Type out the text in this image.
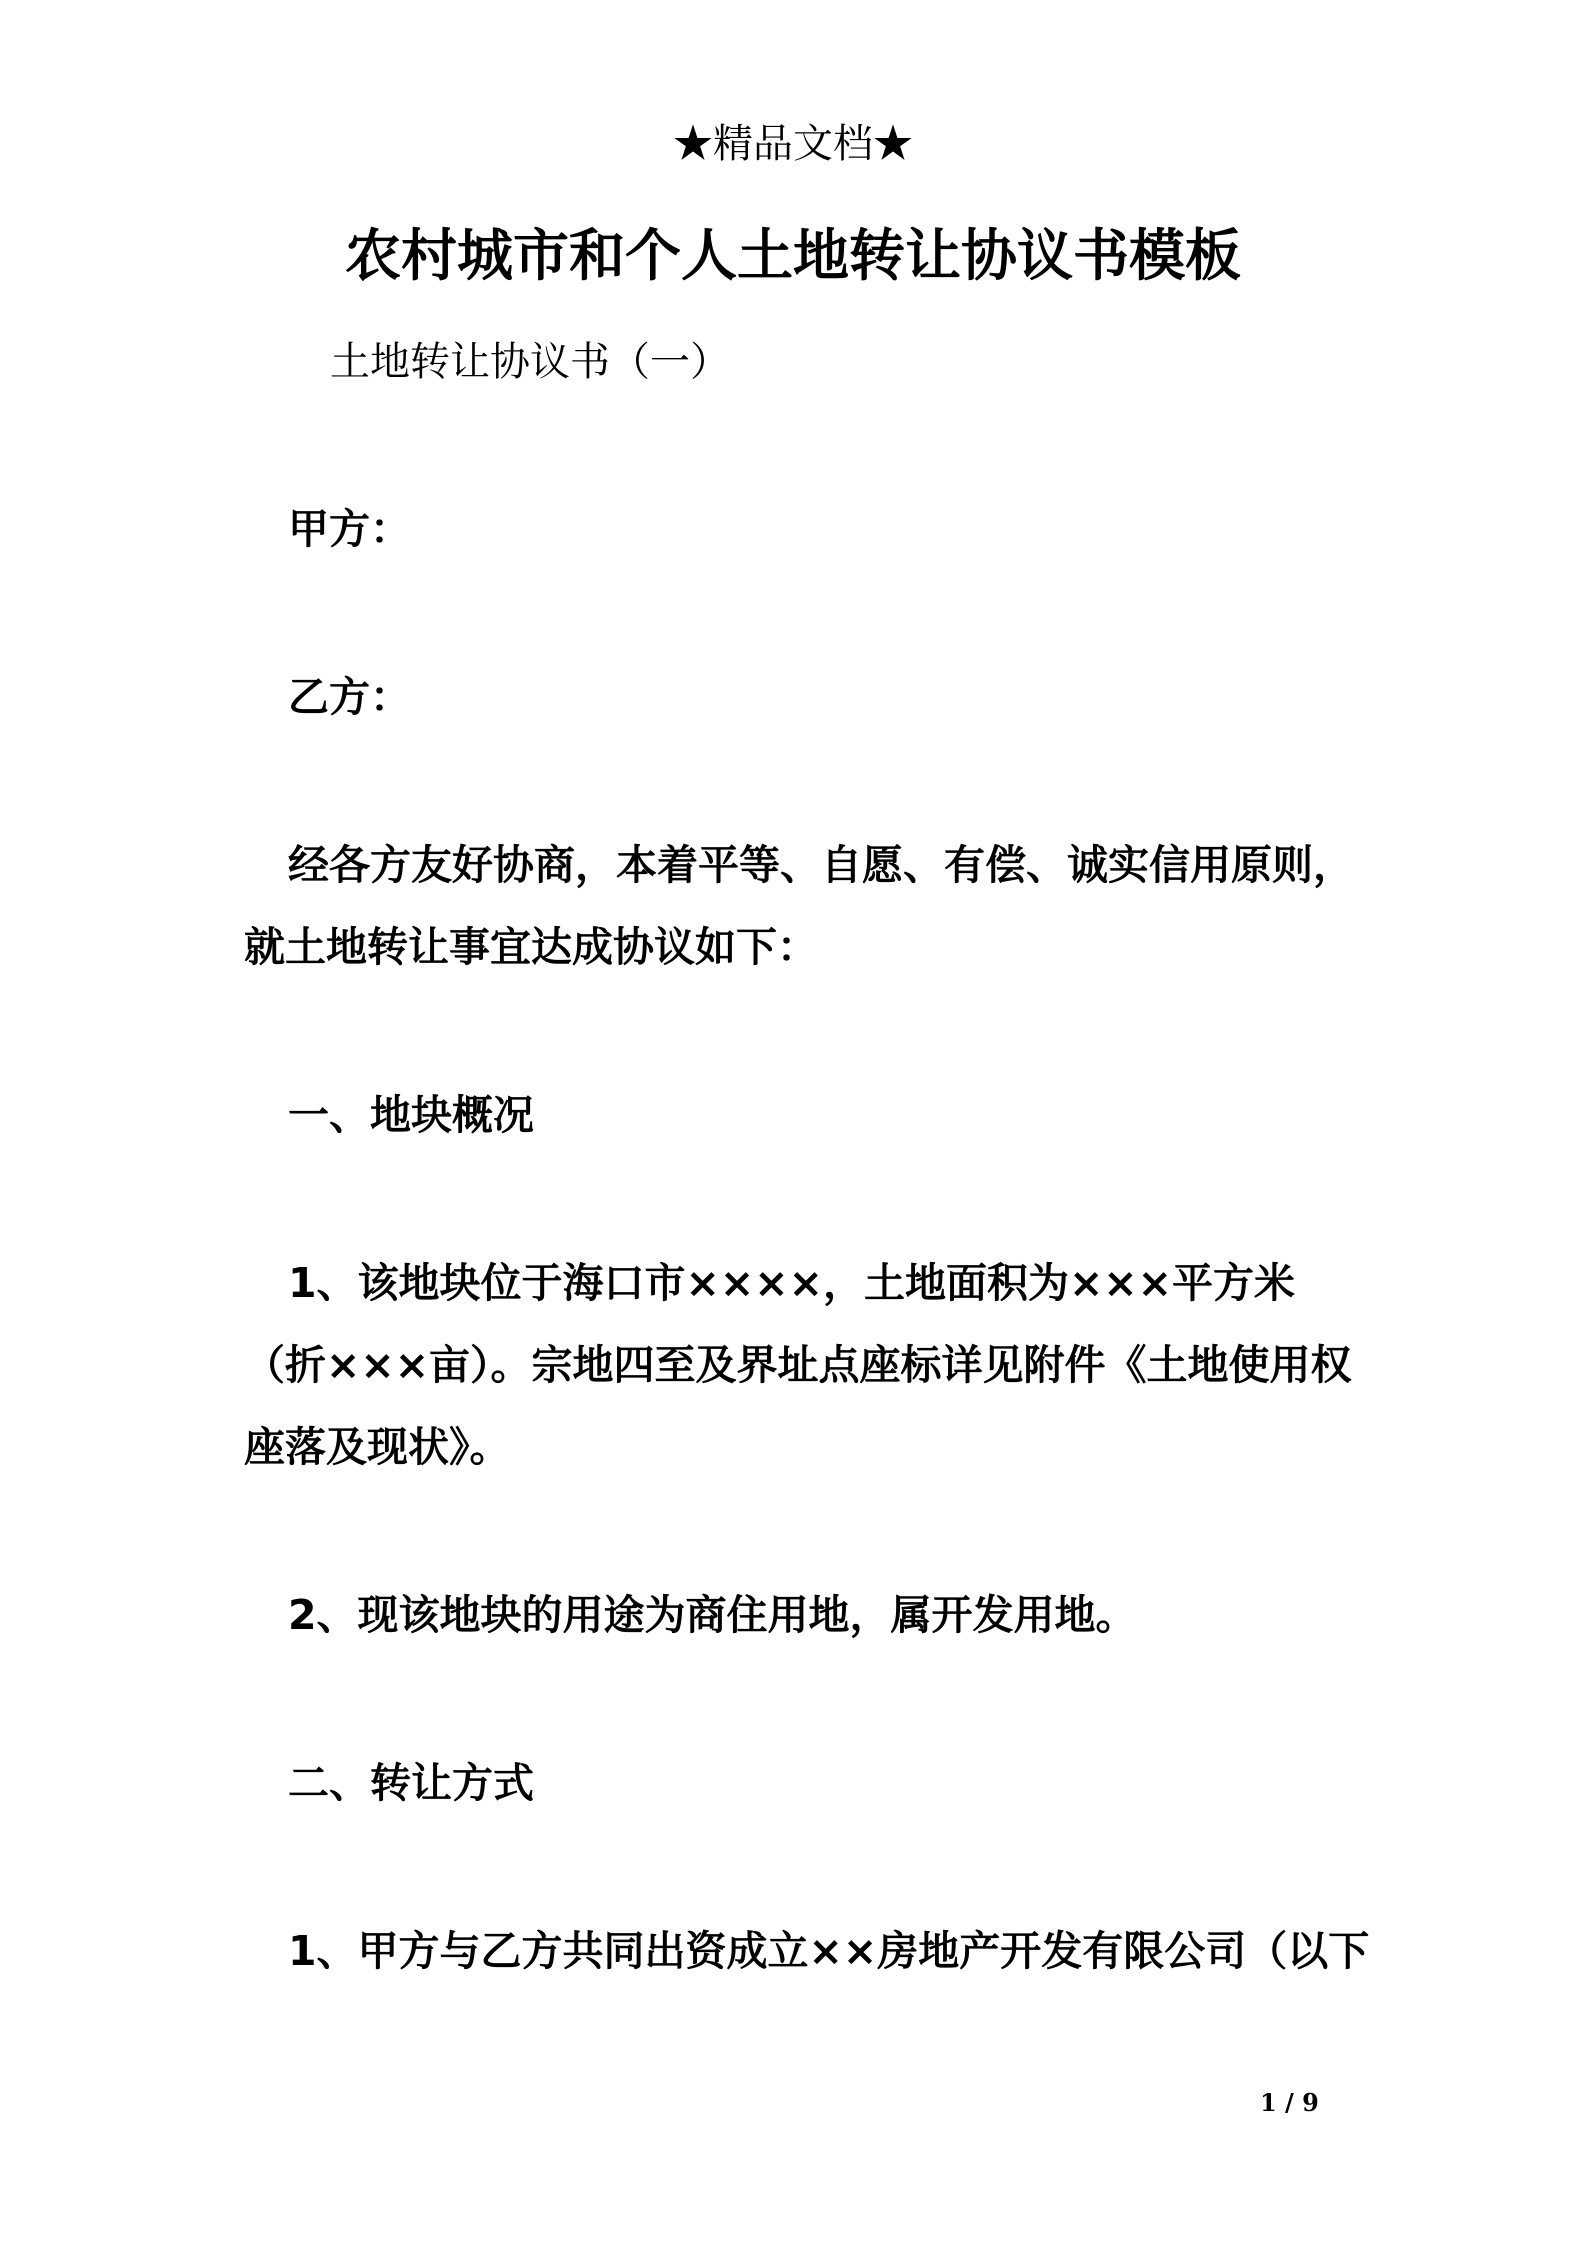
★精品文档★
农村城市和个人土地转让协议书模板
土地转让协议书（一）
甲方：
乙方：
经各方友好协商，本着平等、自愿、有偿、诚实信用原则，
就土地转让事宜达成协议如下：
一、地块概况
1、该地块位于海口市××××，土地面积为×××平方米
（折×××亩）。宗地四至及界址点座标详见附件《土地使用权
座落及现状》。
2、现该地块的用途为商住用地，属开发用地。
二、转让方式
1、甲方与乙方共同出资成立××房地产开发有限公司（以下
1 / 9
